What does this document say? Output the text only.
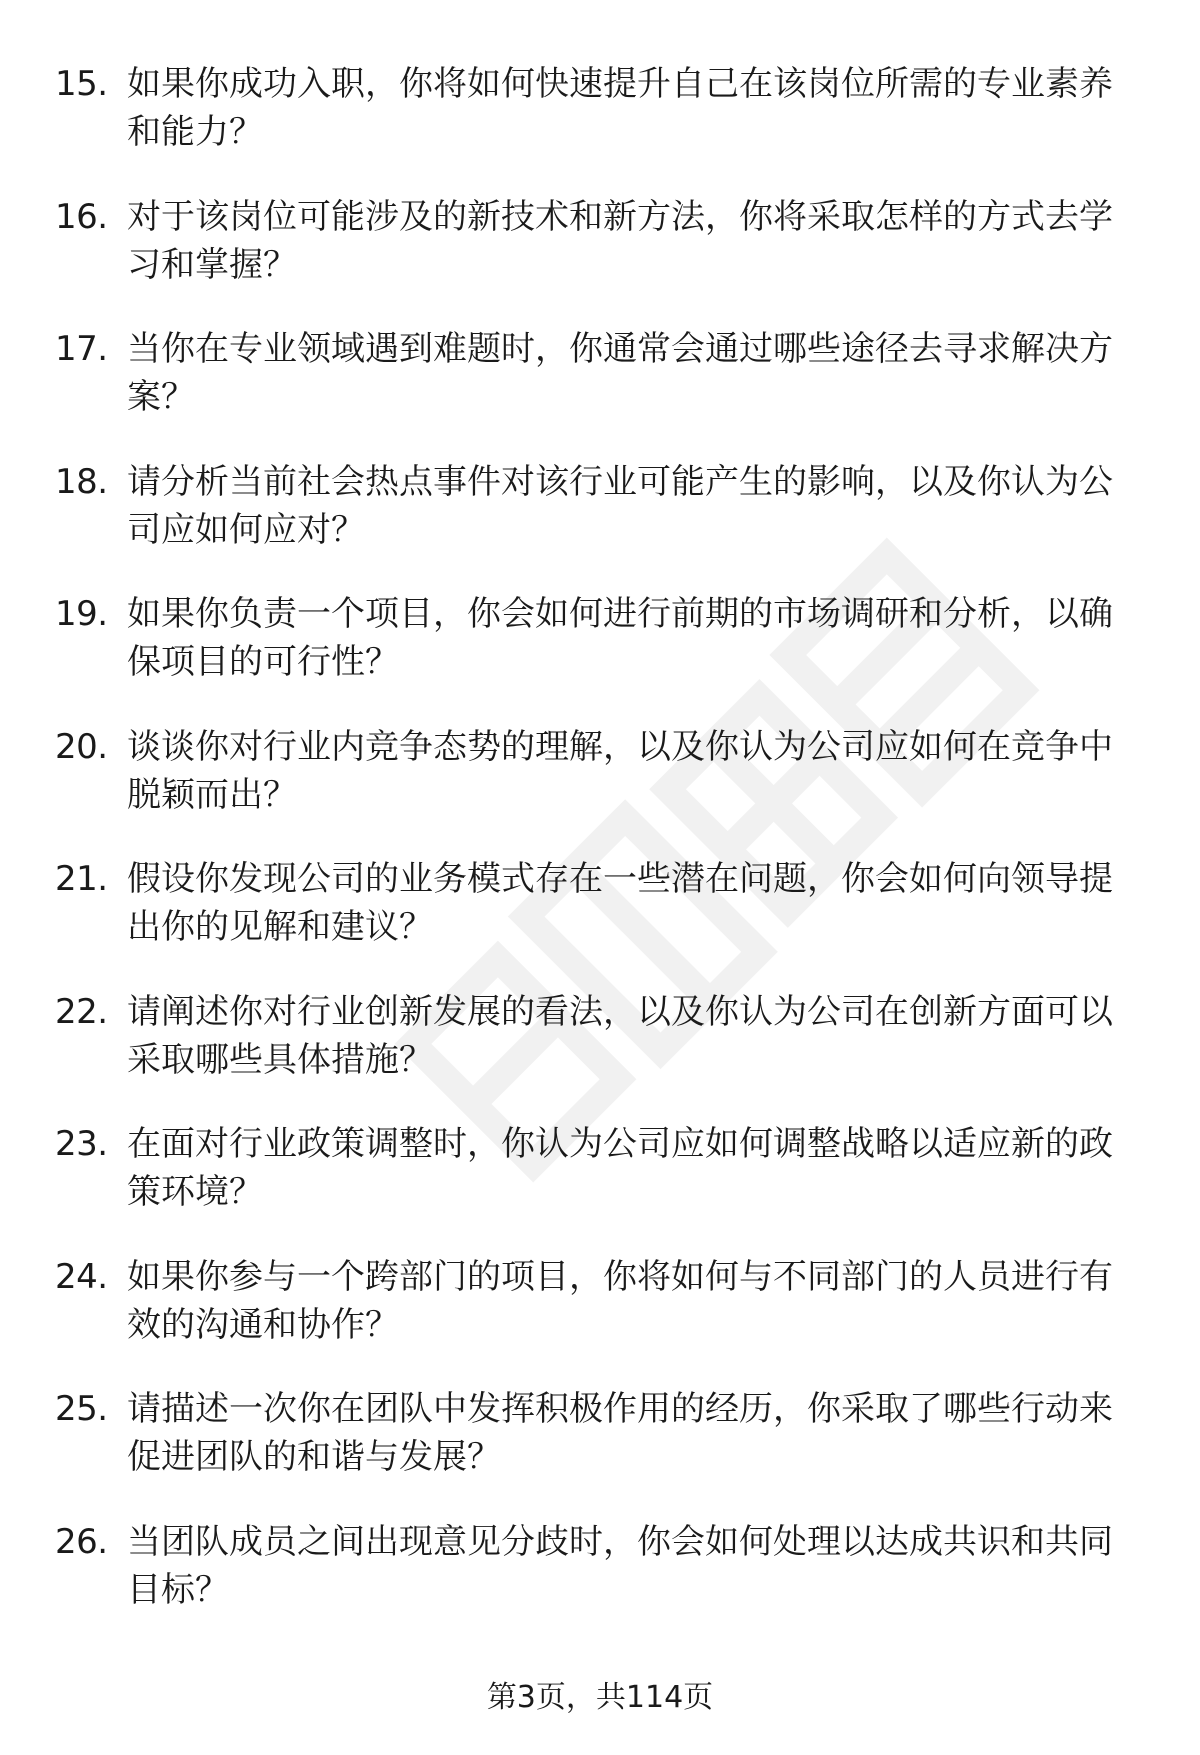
15. 如果你成功入职，你将如何快速提升自己在该岗位所需的专业素养和能力？
16. 对于该岗位可能涉及的新技术和新方法，你将采取怎样的方式去学习和掌握？
17. 当你在专业领域遇到难题时，你通常会通过哪些途径去寻求解决方案？
18. 请分析当前社会热点事件对该行业可能产生的影响，以及你认为公司应如何应对？
19. 如果你负责一个项目，你会如何进行前期的市场调研和分析，以确保项目的可行性？
20. 谈谈你对行业内竞争态势的理解，以及你认为公司应如何在竞争中脱颖而出？
21. 假设你发现公司的业务模式存在一些潜在问题，你会如何向领导提出你的见解和建议？
22. 请阐述你对行业创新发展的看法，以及你认为公司在创新方面可以采取哪些具体措施？
23. 在面对行业政策调整时，你认为公司应如何调整战略以适应新的政策环境？
24. 如果你参与一个跨部门的项目，你将如何与不同部门的人员进行有效的沟通和协作？
25. 请描述一次你在团队中发挥积极作用的经历，你采取了哪些行动来促进团队的和谐与发展？
26. 当团队成员之间出现意见分歧时，你会如何处理以达成共识和共同目标？
第3页，共114页
